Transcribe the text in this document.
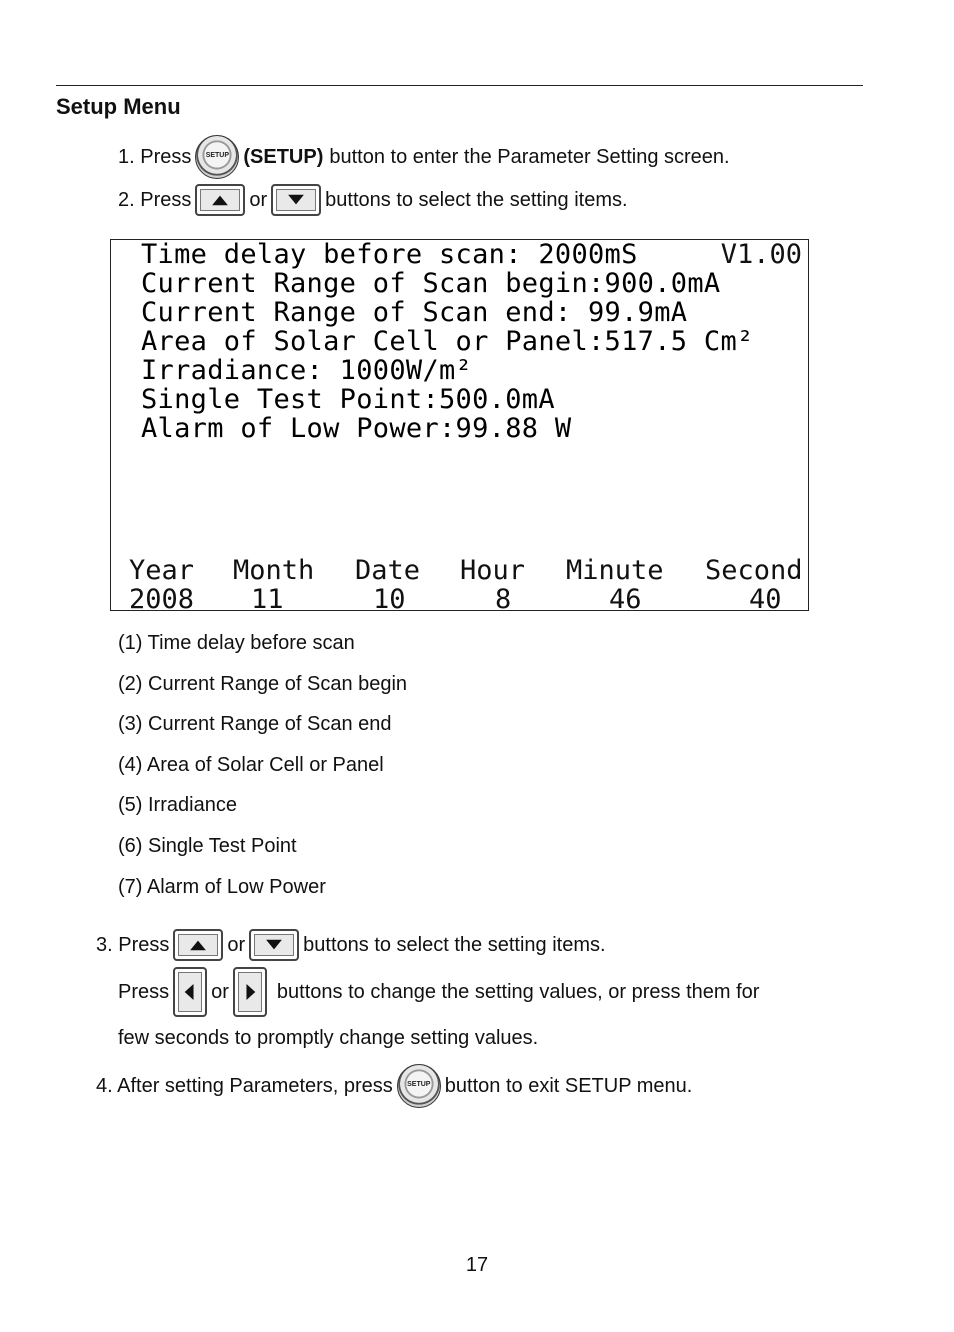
Setup Menu
1. Press	SETUP (SETUP) button to enter the Parameter Setting screen.
2. Press	or	buttons to select the setting items.
Time delay before scan: 2000mS	V1.00
Current Range of Scan begin:900.0mA
Current Range of Scan end: 99.9mA
Area of Solar Cell or Panel:517.5 Cm²
Irradiance: 1000W/m²
Single Test Point:500.0mA
Alarm of Low Power:99.88 W
Year Month Date Hour Minute Second
2008 11	10	8	46	40
(1) Time delay before scan
(2) Current Range of Scan begin
(3) Current Range of Scan end
(4) Area of Solar Cell or Panel
(5) Irradiance
(6) Single Test Point
(7) Alarm of Low Power
3. Press	or	buttons to select the setting items.
Press or buttons to change the setting values, or press them for
few seconds to promptly change setting values.
4. After setting Parameters, press	SETUP button to exit SETUP menu.
17
